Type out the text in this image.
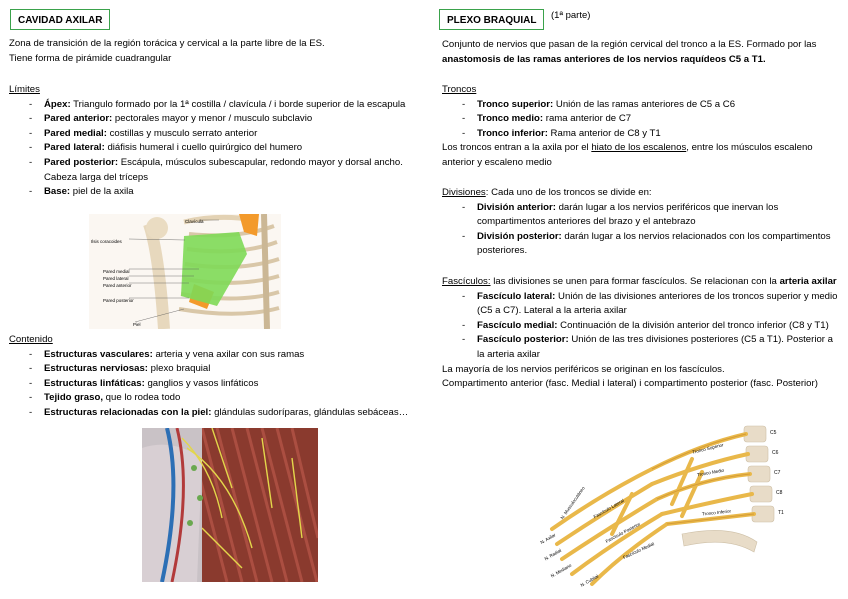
CAVIDAD AXILAR

Zona de transición de la región torácica y cervical a la parte libre de la ES.

Tiene forma de pirámide cuadrangular

Límites

- Ápex: Triangulo formado por la 1ª costilla / clavícula / i borde superior de la escapula
- Pared anterior: pectorales mayor y menor / musculo subclavio
- Pared medial: costillas y musculo serrato anterior
- Pared lateral: diáfisis humeral i cuello quirúrgico del humero
- Pared posterior: Escápula, músculos subescapular, redondo mayor y dorsal ancho. Cabeza larga del tríceps
- Base: piel de la axila
Clavícula
Ilsis coracoides
Pared medial
Pared lateral
Pared anterior
Pared posterior
Piel

Contenido

- Estructuras vasculares: arteria y vena axilar con sus ramas
- Estructuras nerviosas: plexo braquial
- Estructuras linfáticas: ganglios y vasos linfáticos
- Tejido graso, que lo rodea todo
- Estructuras relacionadas con la piel: glándulas sudoríparas, glándulas sebáceas…
PLEXO BRAQUIAL	(1ª parte)

Conjunto de nervios que pasan de la región cervical del tronco a la ES. Formado por las anastomosis de las ramas anteriores de los nervios raquídeos C5 a T1.

Troncos

- Tronco superior: Unión de las ramas anteriores de C5 a C6
- Tronco medio: rama anterior de C7
- Tronco inferior: Rama anterior de C8 y T1

Los troncos entran a la axila por el hiato de los escalenos, entre los músculos escaleno anterior y escaleno medio

Divisiones: Cada uno de los troncos se divide en:

- División anterior: darán lugar a los nervios periféricos que inervan los compartimentos anteriores del brazo y el antebrazo
- División posterior: darán lugar a los nervios relacionados con los compartimentos posteriores.

Fascículos: las divisiones se unen para formar fascículos. Se relacionan con la arteria axilar

- Fascículo lateral: Unión de las divisiones anteriores de los troncos superior y medio (C5 a C7). Lateral a la arteria axilar
- Fascículo medial: Continuación de la división anterior del tronco inferior (C8 y T1)
- Fascículo posterior: Unión de las tres divisiones posteriores (C5 a T1). Posterior a la arteria axilar

La mayoría de los nervios periféricos se originan en los fascículos.

Compartimento anterior (fasc. Medial i lateral) i compartimento posterior (fasc. Posterior)

C5
C6
C7
C8
T1
Tronco Superior
Tronco Medio
Tronco Inferior
N. Musculocutáneo	Fascículo Lateral
Fascículo Posterior
Fascículo Medial
N. Axilar
N. Radial
N. Mediano
N. Cubital
